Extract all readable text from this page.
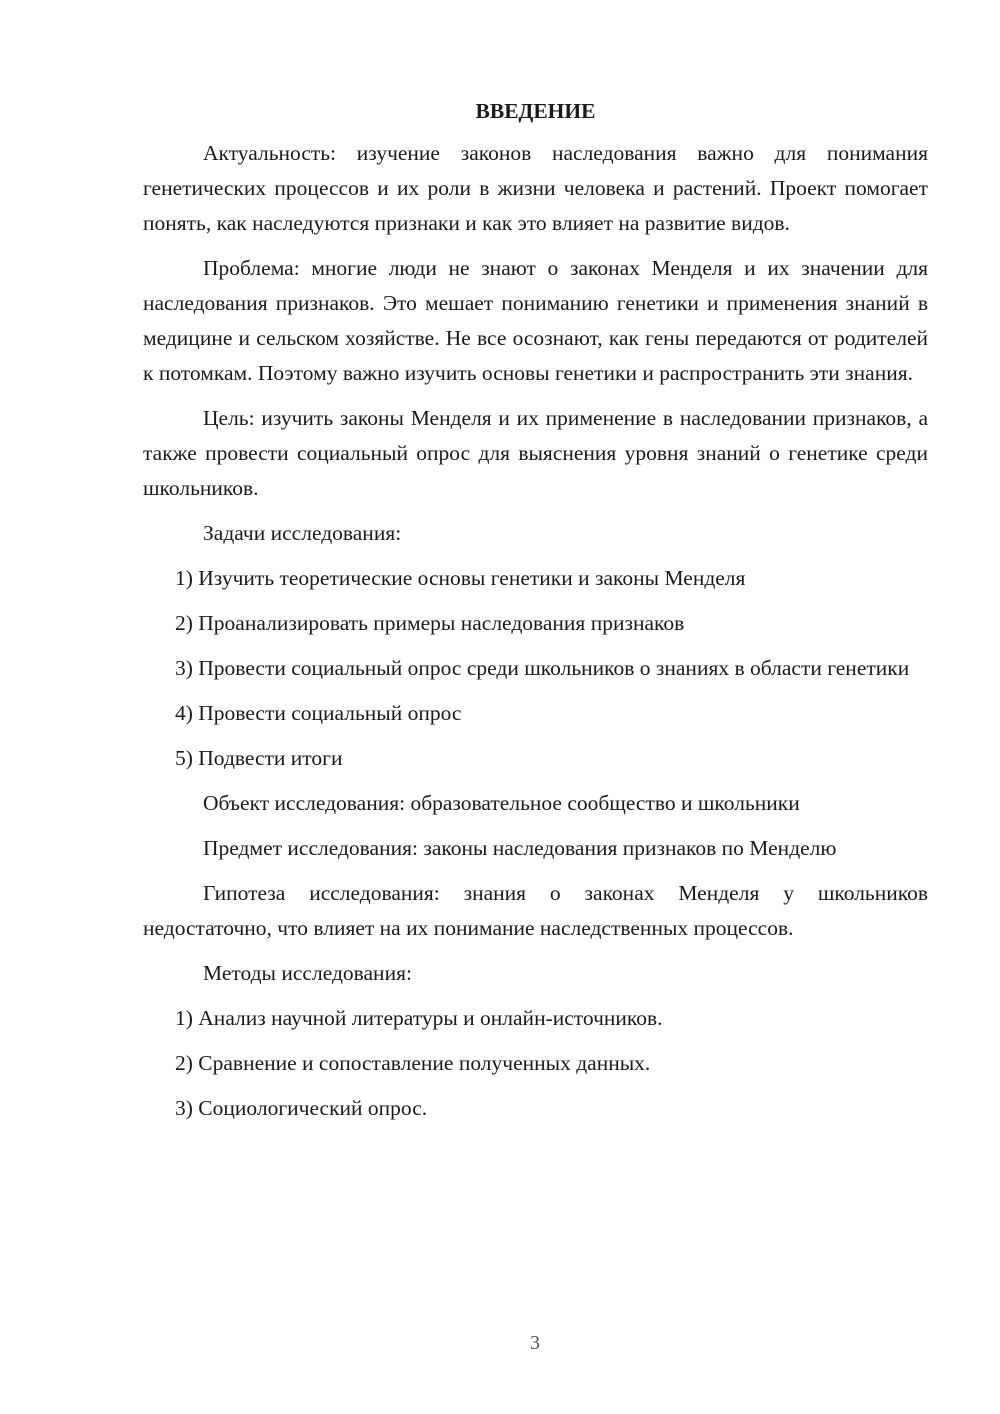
ВВЕДЕНИЕ
Актуальность: изучение законов наследования важно для понимания генетических процессов и их роли в жизни человека и растений. Проект помогает понять, как наследуются признаки и как это влияет на развитие видов.
Проблема: многие люди не знают о законах Менделя и их значении для наследования признаков. Это мешает пониманию генетики и применения знаний в медицине и сельском хозяйстве. Не все осознают, как гены передаются от родителей к потомкам. Поэтому важно изучить основы генетики и распространить эти знания.
Цель: изучить законы Менделя и их применение в наследовании признаков, а также провести социальный опрос для выяснения уровня знаний о генетике среди школьников.
Задачи исследования:
1) Изучить теоретические основы генетики и законы Менделя
2) Проанализировать примеры наследования признаков
3) Провести социальный опрос среди школьников о знаниях в области генетики
4) Провести социальный опрос
5) Подвести итоги
Объект исследования: образовательное сообщество и школьники
Предмет исследования: законы наследования признаков по Менделю
Гипотеза исследования: знания о законах Менделя у школьников недостаточно, что влияет на их понимание наследственных процессов.
Методы исследования:
1) Анализ научной литературы и онлайн-источников.
2) Сравнение и сопоставление полученных данных.
3) Социологический опрос.
3
